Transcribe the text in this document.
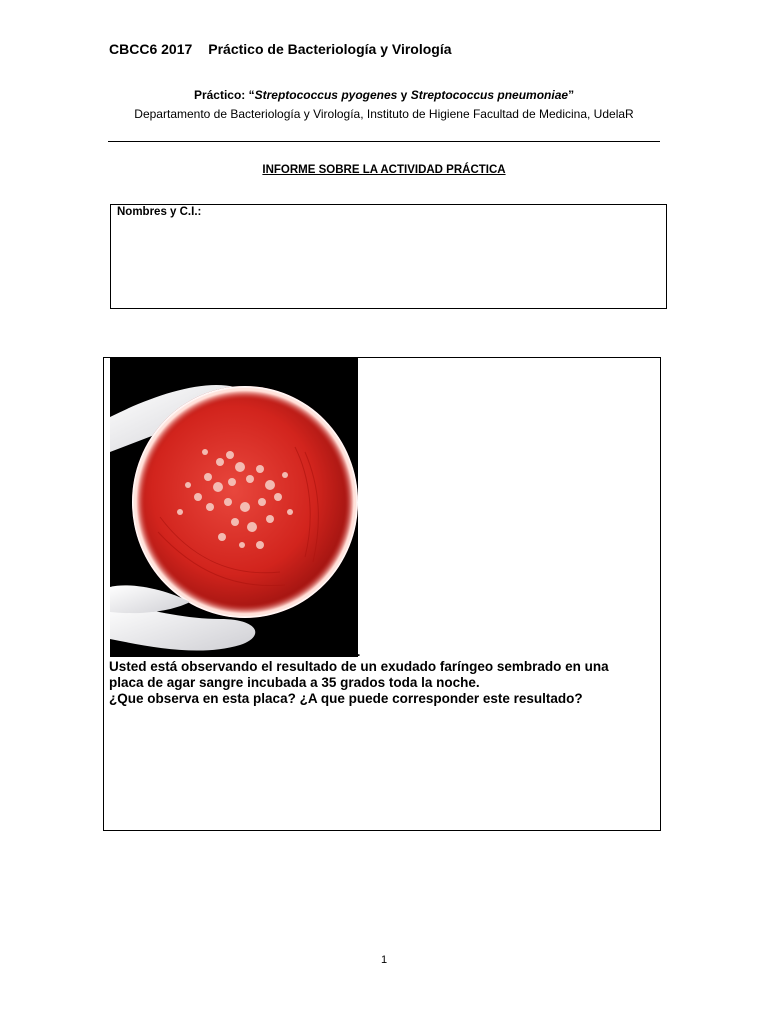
CBCC6 2017 Práctico de Bacteriología y Virología
Práctico: “Streptococcus pyogenes y Streptococcus pneumoniae”
Departamento de Bacteriología y Virología, Instituto de Higiene Facultad de Medicina, UdelaR
INFORME SOBRE LA ACTIVIDAD PRÁCTICA
Nombres y C.I.:
.

Usted está observando el resultado de un exudado faríngeo sembrado en una

placa de agar sangre incubada a 35 grados toda la noche.

¿Que observa en esta placa? ¿A que puede corresponder este resultado?

1
